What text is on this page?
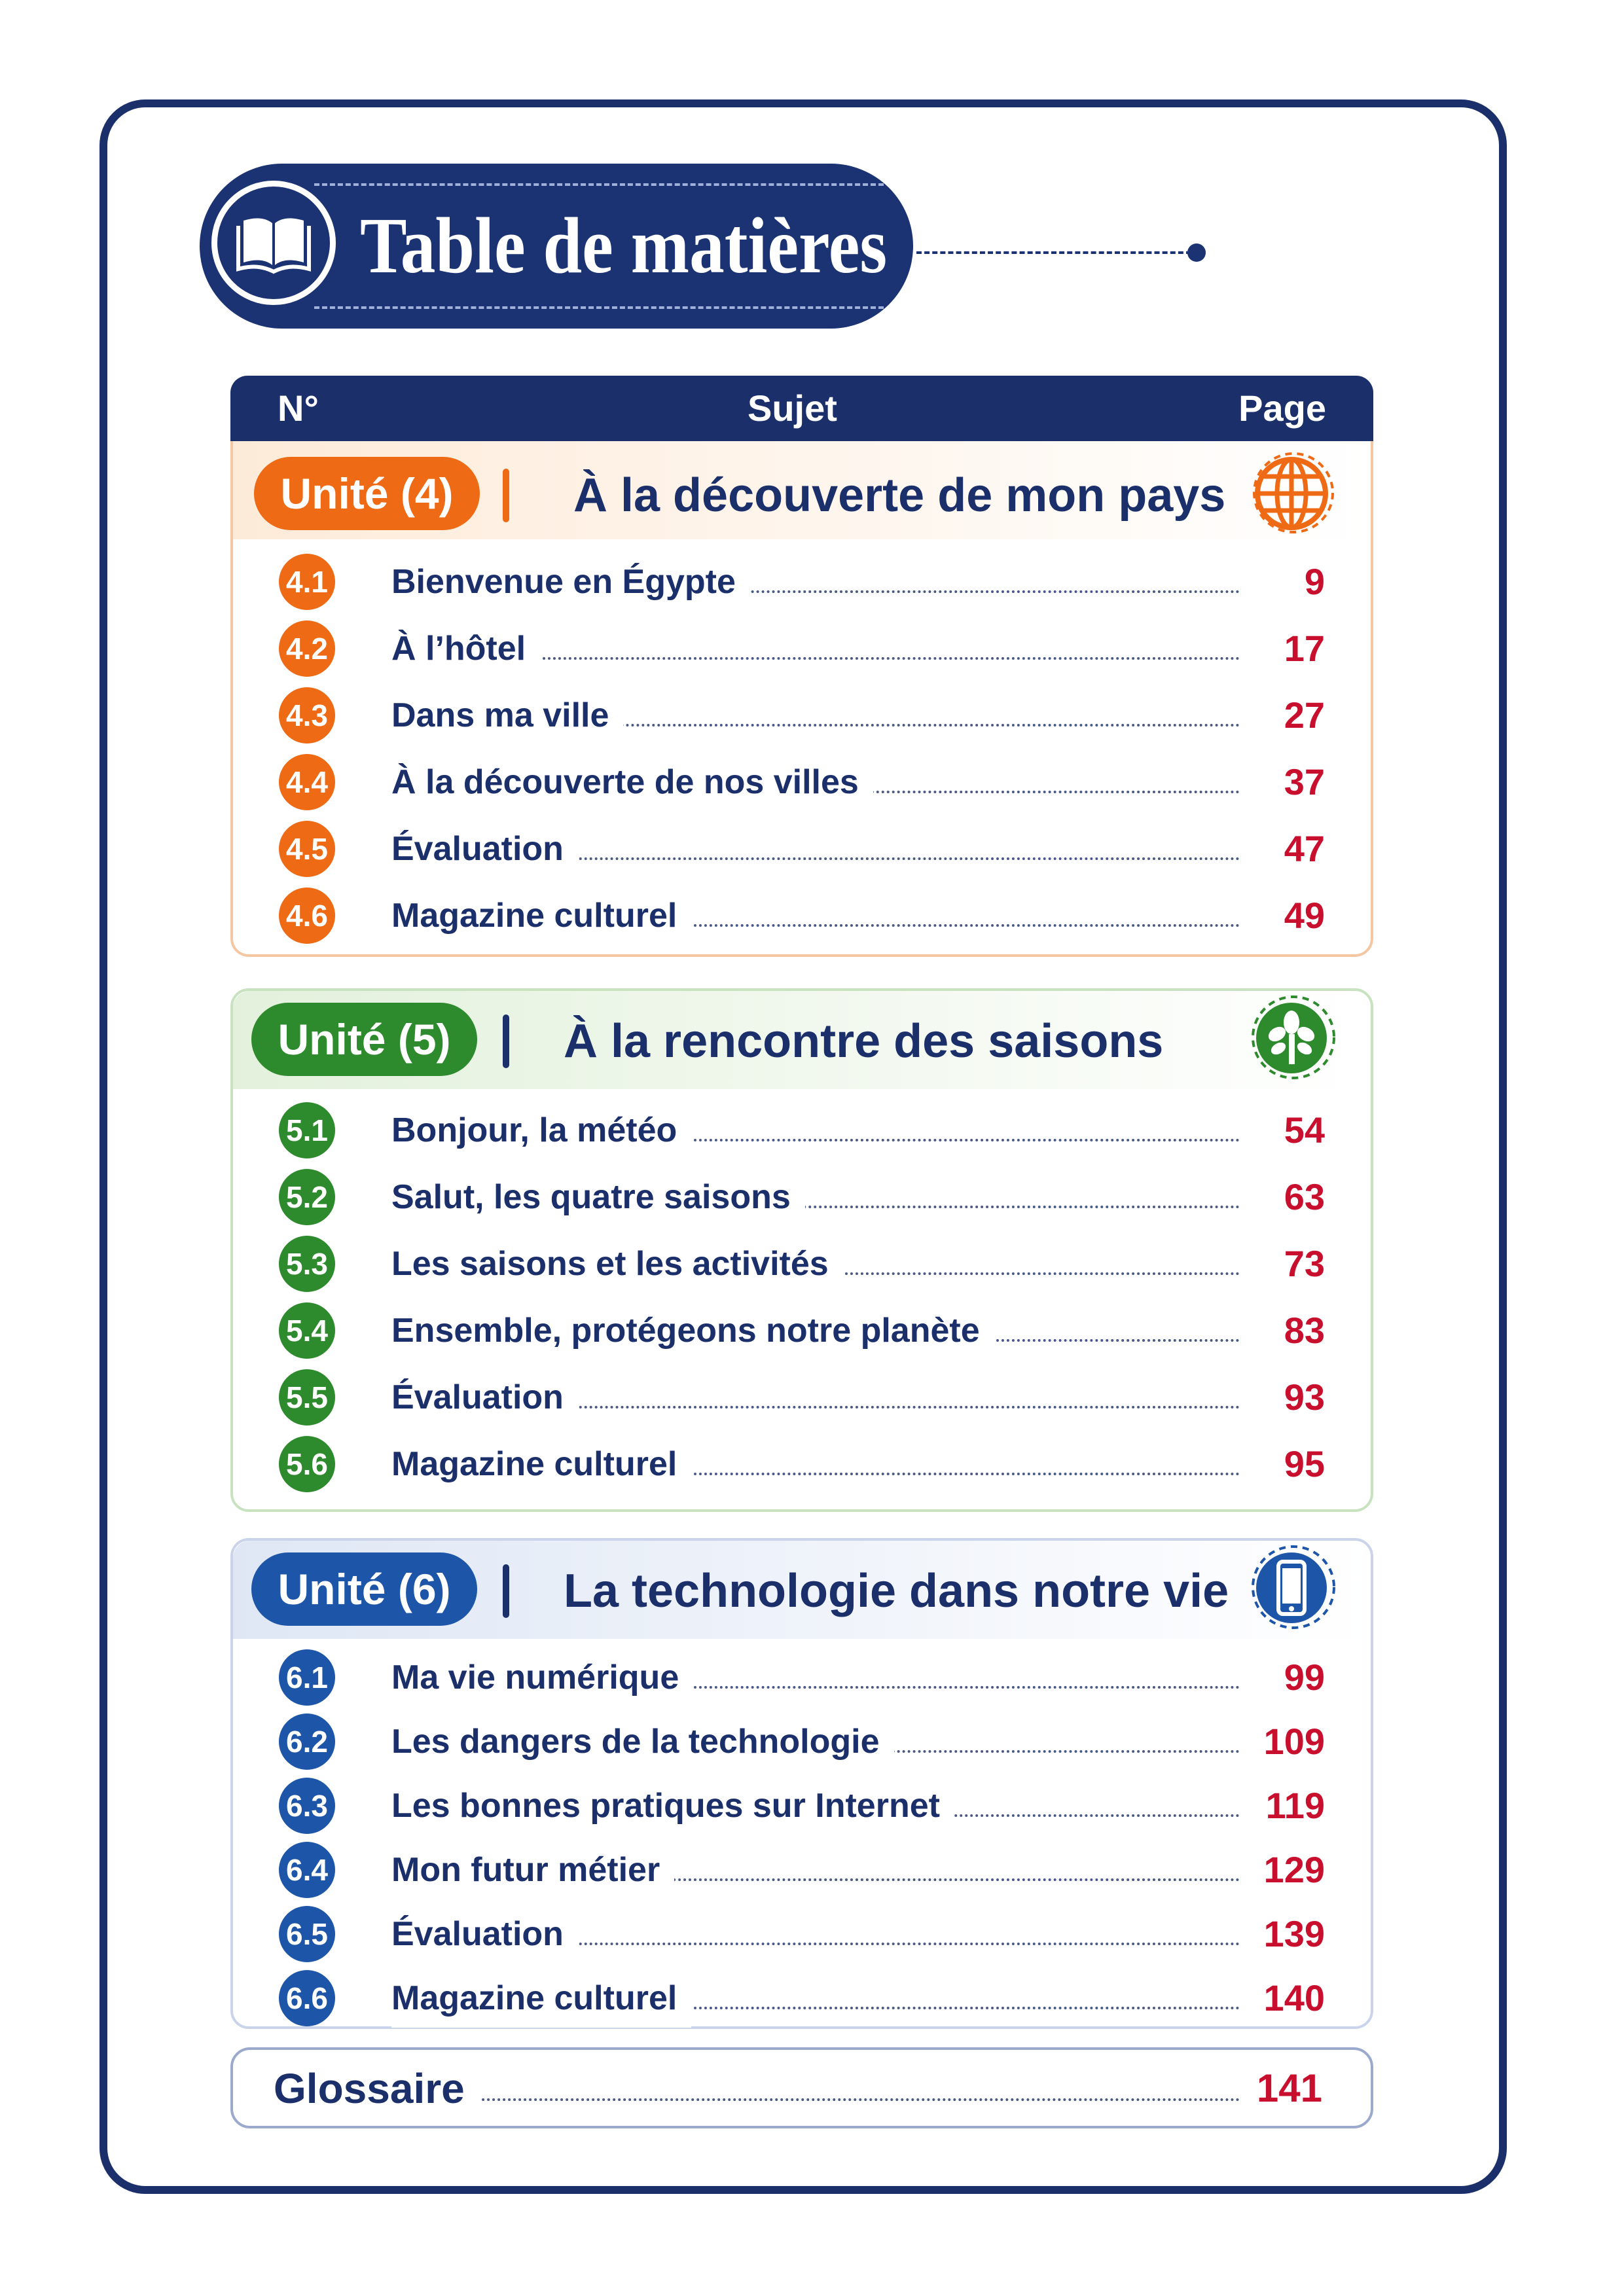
Table de matières
N°	Sujet	Page
Unité (4)	À la découverte de mon pays
4.1 Bienvenue en Égypte	9
4.2 À l’hôtel	17
4.3 Dans ma ville	27
4.4 À la découverte de nos villes	37
4.5 Évaluation	47
4.6 Magazine culturel	49
Unité (5)	À la rencontre des saisons
5.1 Bonjour, la météo	54
5.2 Salut, les quatre saisons	63
5.3 Les saisons et les activités	73
5.4 Ensemble, protégeons notre planète	83
5.5 Évaluation	93
5.6 Magazine culturel	95
Unité (6)	La technologie dans notre vie
6.1 Ma vie numérique	99
6.2 Les dangers de la technologie	109
6.3 Les bonnes pratiques sur Internet	119
6.4 Mon futur métier	129
6.5 Évaluation	139
6.6 Magazine culturel	140
Glossaire	141
